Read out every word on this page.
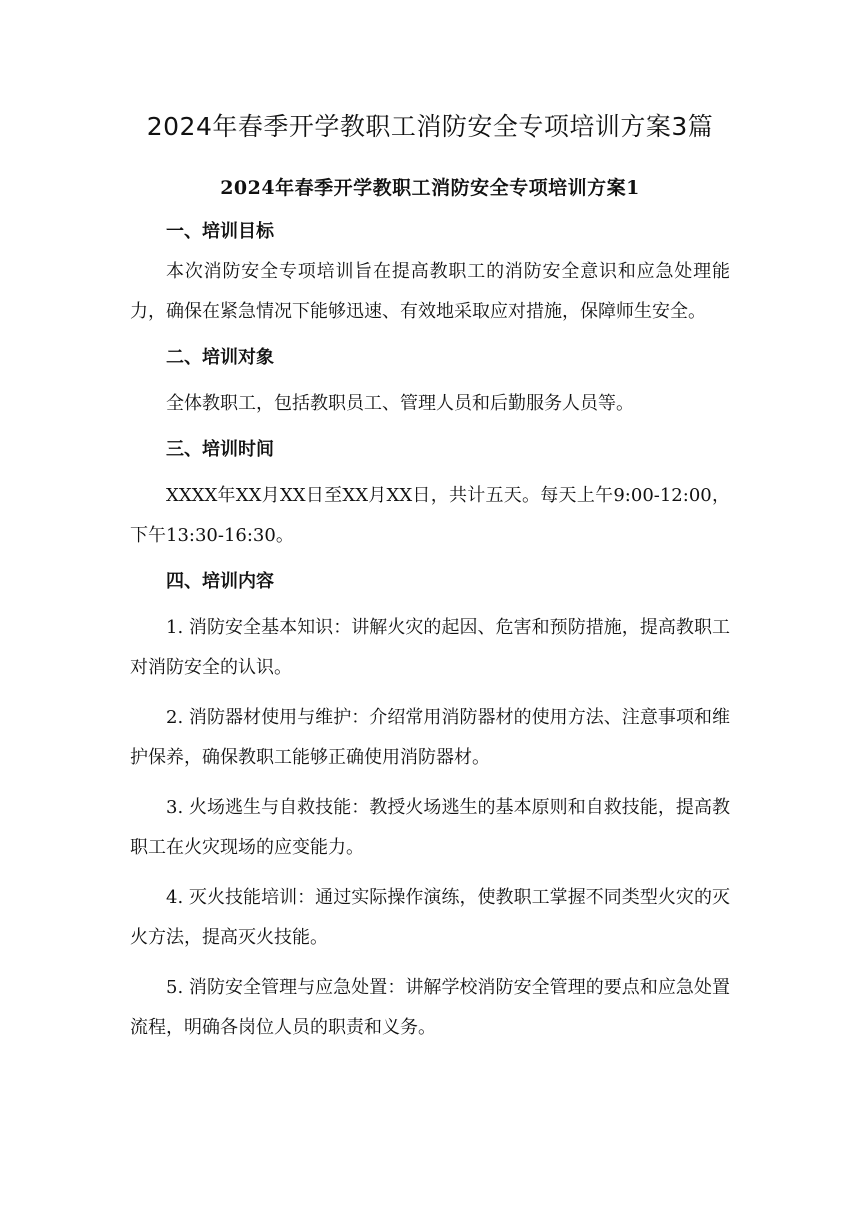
2024年春季开学教职工消防安全专项培训方案3篇
2024年春季开学教职工消防安全专项培训方案1

一、培训目标

本次消防安全专项培训旨在提高教职工的消防安全意识和应急处理能力，确保在紧急情况下能够迅速、有效地采取应对措施，保障师生安全。

二、培训对象

全体教职工，包括教职员工、管理人员和后勤服务人员等。

三、培训时间

XXXX年XX月XX日至XX月XX日，共计五天。每天上午9:00-12:00，下午13:30-16:30。

四、培训内容

1. 消防安全基本知识：讲解火灾的起因、危害和预防措施，提高教职工对消防安全的认识。

2. 消防器材使用与维护：介绍常用消防器材的使用方法、注意事项和维护保养，确保教职工能够正确使用消防器材。

3. 火场逃生与自救技能：教授火场逃生的基本原则和自救技能，提高教职工在火灾现场的应变能力。

4. 灭火技能培训：通过实际操作演练，使教职工掌握不同类型火灾的灭火方法，提高灭火技能。

5. 消防安全管理与应急处置：讲解学校消防安全管理的要点和应急处置流程，明确各岗位人员的职责和义务。
